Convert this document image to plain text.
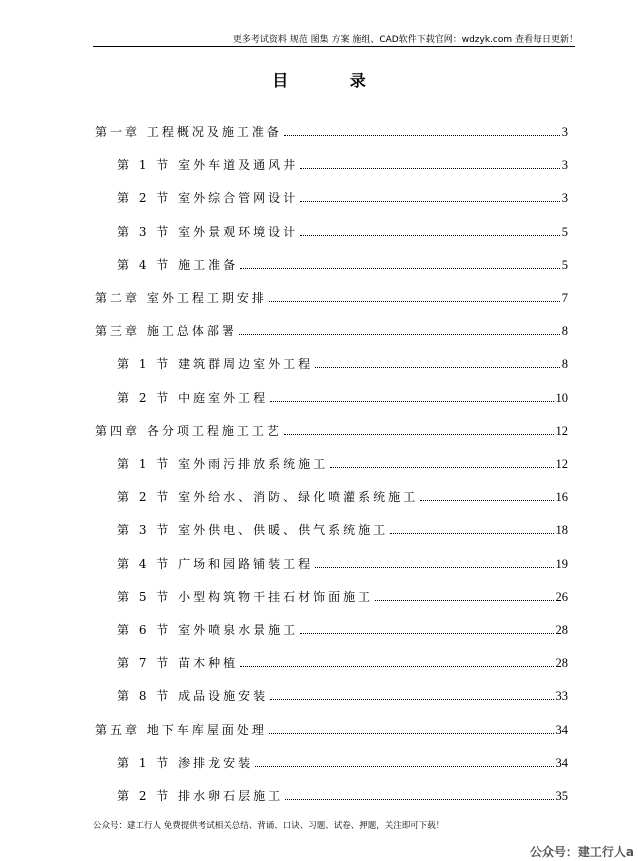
更多考试资料 规范 图集 方案 施组、CAD软件下载官网：wdzyk.com 查看每日更新！
目 录
第一章 工程概况及施工准备	3
第 1 节 室外车道及通风井	3
第 2 节 室外综合管网设计	3
第 3 节 室外景观环境设计	5
第 4 节 施工准备	5
第二章 室外工程工期安排	7
第三章 施工总体部署	8
第 1 节 建筑群周边室外工程	8
第 2 节 中庭室外工程	10
第四章 各分项工程施工工艺	12
第 1 节 室外雨污排放系统施工	12
第 2 节 室外给水、消防、绿化喷灌系统施工	16
第 3 节 室外供电、供暖、供气系统施工	18
第 4 节 广场和园路铺装工程	19
第 5 节 小型构筑物干挂石材饰面施工	26
第 6 节 室外喷泉水景施工	28
第 7 节 苗木种植	28
第 8 节 成品设施安装	33
第五章 地下车库屋面处理	34
第 1 节 渗排龙安装	34
第 2 节 排水卵石层施工	35
公众号：建工行人 免费提供考试相关总结、背诵、口诀、习题、试卷、押题，关注即可下载！
公众号：建工行人a
